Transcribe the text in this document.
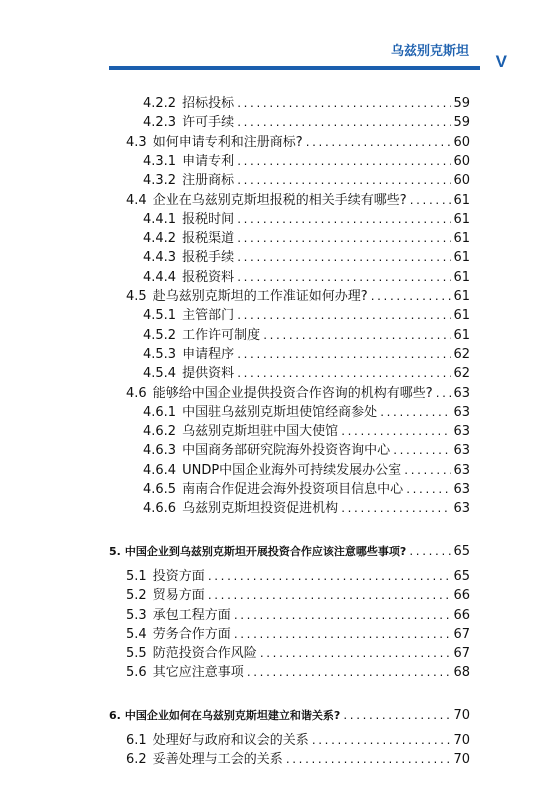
乌兹别克斯坦
V
4.2.2 招标投标 .....	59
4.2.3 许可手续 .....	59
4.3 如何申请专利和注册商标? .....	60
4.3.1 申请专利 .....	60
4.3.2 注册商标 .....	60
4.4 企业在乌兹别克斯坦报税的相关手续有哪些? .....	61
4.4.1 报税时间 .....	61
4.4.2 报税渠道 .....	61
4.4.3 报税手续 .....	61
4.4.4 报税资料 .....	61
4.5 赴乌兹别克斯坦的工作准证如何办理? .....	61
4.5.1 主管部门 .....	61
4.5.2 工作许可制度 .....	61
4.5.3 申请程序 .....	62
4.5.4 提供资料 .....	62
4.6 能够给中国企业提供投资合作咨询的机构有哪些? ..... 63
4.6.1 中国驻乌兹别克斯坦使馆经商参处 .....	63
4.6.2 乌兹别克斯坦驻中国大使馆 .....	63
4.6.3 中国商务部研究院海外投资咨询中心 .....	63
4.6.4 UNDP中国企业海外可持续发展办公室 .....	63
4.6.5 南南合作促进会海外投资项目信息中心 .....	63
4.6.6 乌兹别克斯坦投资促进机构 .....	63
5. 中国企业到乌兹别克斯坦开展投资合作应该注意哪些事项? .....	65
5.1 投资方面 .....	65
5.2 贸易方面 .....	66
5.3 承包工程方面 .....	66
5.4 劳务合作方面 .....	67
5.5 防范投资合作风险 .....	67
5.6 其它应注意事项 .....	68
6. 中国企业如何在乌兹别克斯坦建立和谐关系? .....	70
6.1 处理好与政府和议会的关系 .....	70
6.2 妥善处理与工会的关系 .....	70
